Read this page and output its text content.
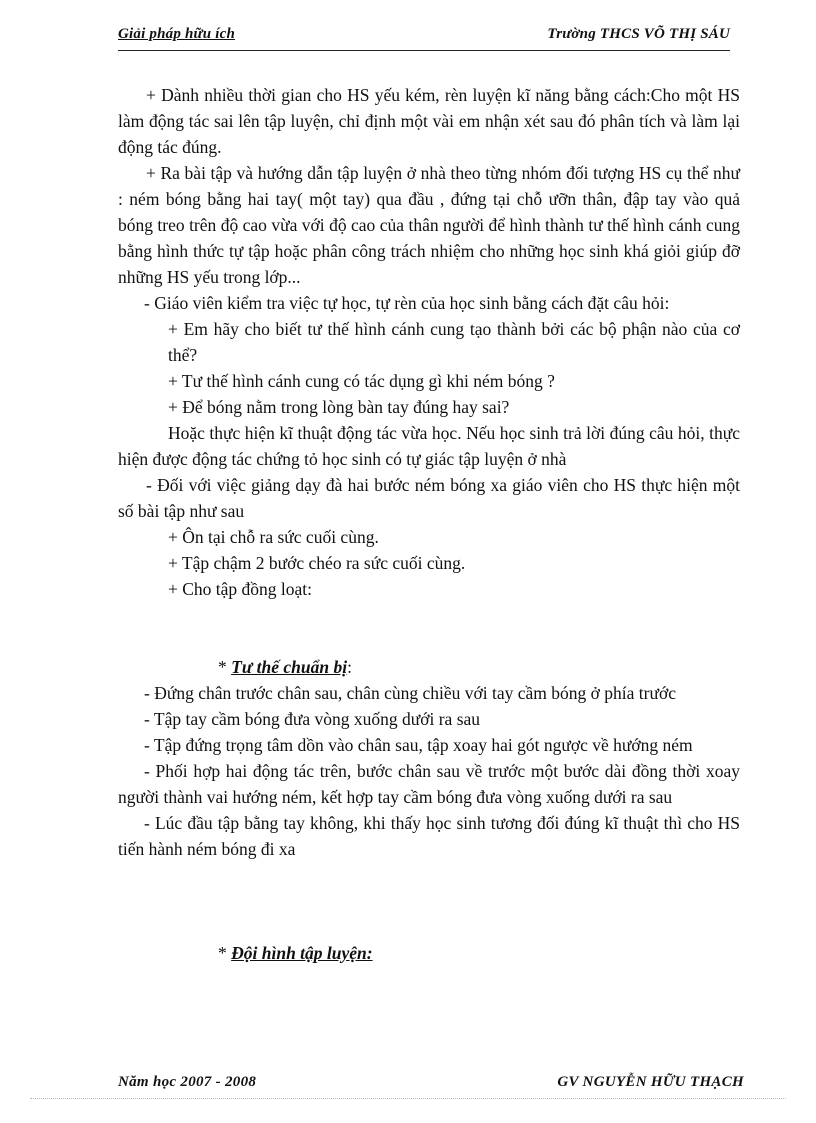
Giải pháp hữu ích	Trường THCS VÕ THỊ SÁU

+ Dành nhiều thời gian cho HS yếu kém, rèn luyện kĩ năng bằng cách:Cho một HS làm động tác sai lên tập luyện, chỉ định một vài em nhận xét sau đó phân tích và làm lại động tác đúng.

+ Ra bài tập và hướng dẫn tập luyện ở nhà theo từng nhóm đối tượng HS cụ thể như : ném bóng bằng hai tay( một tay) qua đầu , đứng tại chỗ ưỡn thân, đập tay vào quả bóng treo trên độ cao vừa với độ cao của thân người để hình thành tư thế hình cánh cung bằng hình thức tự tập hoặc phân công trách nhiệm cho những học sinh khá giỏi giúp đỡ những HS yếu trong lớp...

- Giáo viên kiểm tra việc tự học, tự rèn của học sinh bằng cách đặt câu hỏi:

+ Em hãy cho biết tư thế hình cánh cung tạo thành bởi các bộ phận nào của cơ thể?

+ Tư thế hình cánh cung có tác dụng gì khi ném bóng ?

+ Để bóng nằm trong lòng bàn tay đúng hay sai?

Hoặc thực hiện kĩ thuật động tác vừa học. Nếu học sinh trả lời đúng câu hỏi, thực hiện được động tác chứng tỏ học sinh có tự giác tập luyện ở nhà

- Đối với việc giảng dạy đà hai bước ném bóng xa giáo viên cho HS thực hiện một số bài tập như sau

+ Ôn tại chỗ ra sức cuối cùng.

+ Tập chậm 2 bước chéo ra sức cuối cùng.

+ Cho tập đồng loạt:

* Tư thế chuẩn bị:

- Đứng chân trước chân sau, chân cùng chiều với tay cầm bóng ở phía trước

- Tập tay cầm bóng đưa vòng xuống dưới ra sau

- Tập đứng trọng tâm dồn vào chân sau, tập xoay hai gót ngược về hướng ném

- Phối hợp hai động tác trên, bước chân sau về trước một bước dài đồng thời xoay người thành vai hướng ném, kết hợp tay cầm bóng đưa vòng xuống dưới ra sau

- Lúc đầu tập bằng tay không, khi thấy học sinh tương đối đúng kĩ thuật thì cho HS tiến hành ném bóng đi xa

* Đội hình tập luyện:

Năm học 2007 - 2008	GV NGUYỄN HỮU THẠCH
